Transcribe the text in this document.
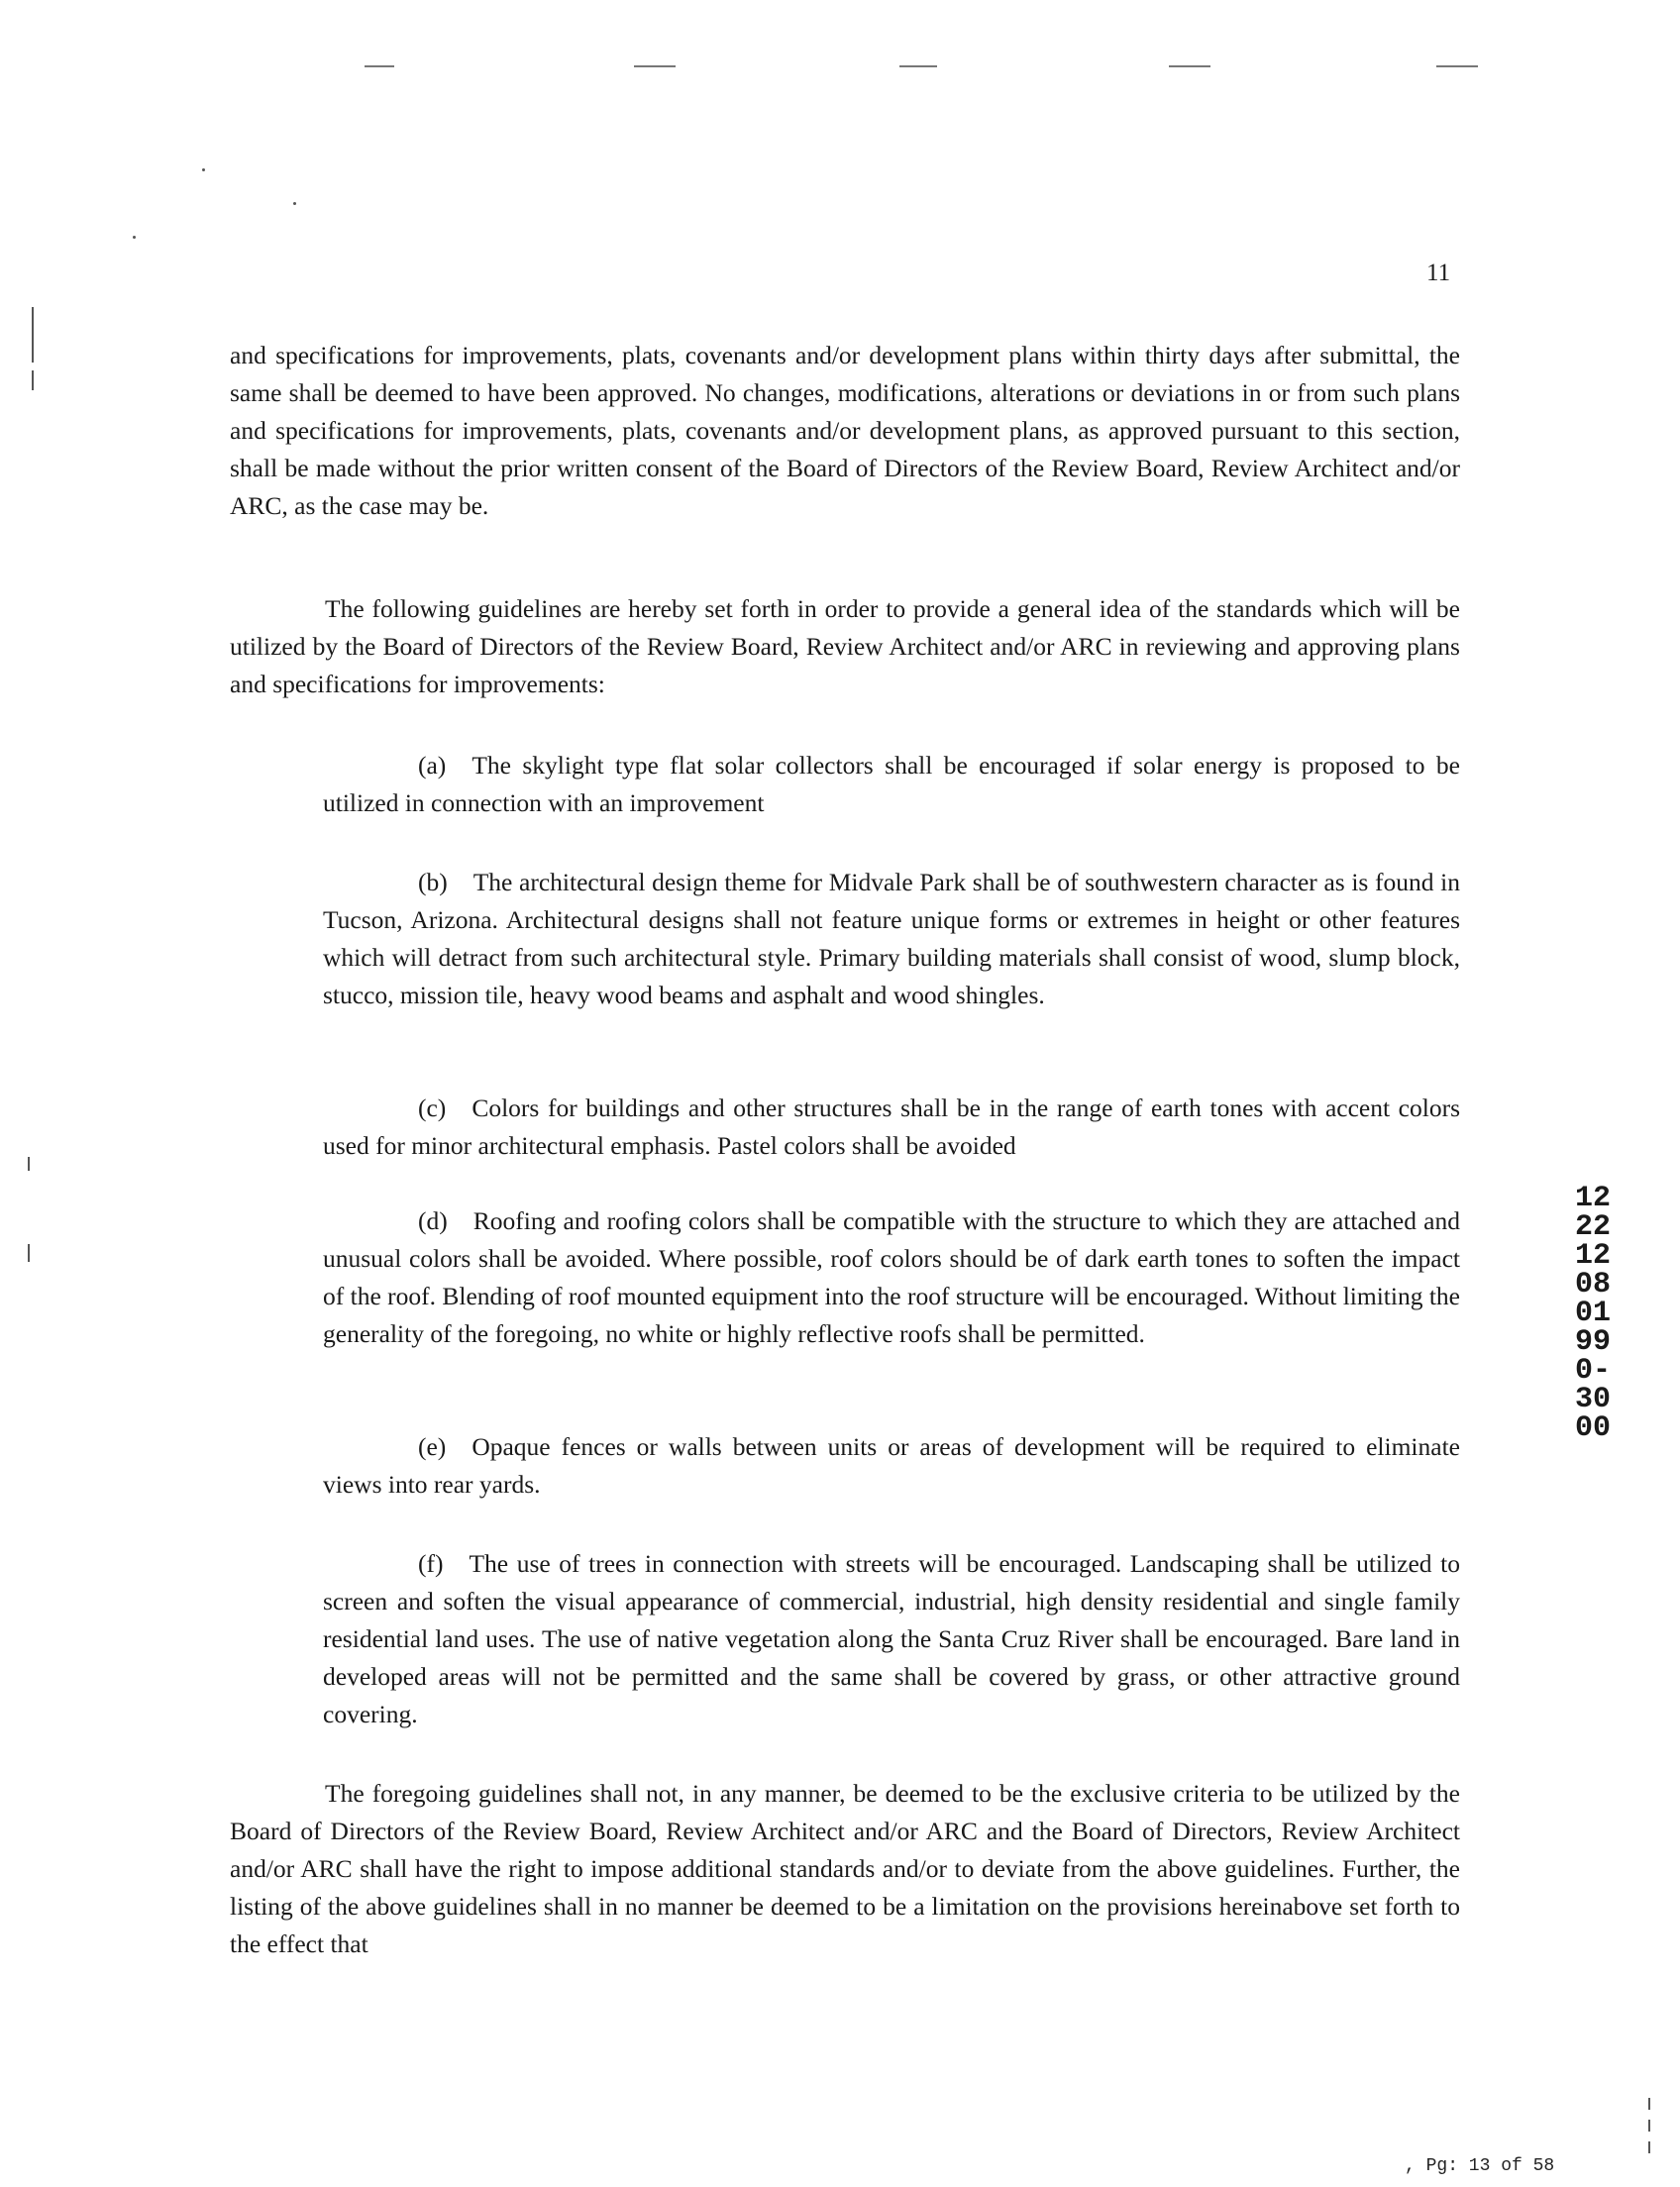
11
and specifications for improvements, plats, covenants and/or development plans within thirty days after submittal, the same shall be deemed to have been approved. No changes, modifications, alterations or deviations in or from such plans and specifications for improvements, plats, covenants and/or development plans, as approved pursuant to this section, shall be made without the prior written consent of the Board of Directors of the Review Board, Review Architect and/or ARC, as the case may be.
The following guidelines are hereby set forth in order to provide a general idea of the standards which will be utilized by the Board of Directors of the Review Board, Review Architect and/or ARC in reviewing and approving plans and specifications for improvements:
(a) The skylight type flat solar collectors shall be encouraged if solar energy is proposed to be utilized in connection with an improvement
(b) The architectural design theme for Midvale Park shall be of southwestern character as is found in Tucson, Arizona. Architectural designs shall not feature unique forms or extremes in height or other features which will detract from such architectural style. Primary building materials shall consist of wood, slump block, stucco, mission tile, heavy wood beams and asphalt and wood shingles.
(c) Colors for buildings and other structures shall be in the range of earth tones with accent colors used for minor architectural emphasis. Pastel colors shall be avoided
(d) Roofing and roofing colors shall be compatible with the structure to which they are attached and unusual colors shall be avoided. Where possible, roof colors should be of dark earth tones to soften the impact of the roof. Blending of roof mounted equipment into the roof structure will be encouraged. Without limiting the generality of the foregoing, no white or highly reflective roofs shall be permitted.
(e) Opaque fences or walls between units or areas of development will be required to eliminate views into rear yards.
(f) The use of trees in connection with streets will be encouraged. Landscaping shall be utilized to screen and soften the visual appearance of commercial, industrial, high density residential and single family residential land uses. The use of native vegetation along the Santa Cruz River shall be encouraged. Bare land in developed areas will not be permitted and the same shall be covered by grass, or other attractive ground covering.
The foregoing guidelines shall not, in any manner, be deemed to be the exclusive criteria to be utilized by the Board of Directors of the Review Board, Review Architect and/or ARC and the Board of Directors, Review Architect and/or ARC shall have the right to impose additional standards and/or to deviate from the above guidelines. Further, the listing of the above guidelines shall in no manner be deemed to be a limitation on the provisions hereinabove set forth to the effect that
1222120801990-3000
, Pg: 13 of 58
